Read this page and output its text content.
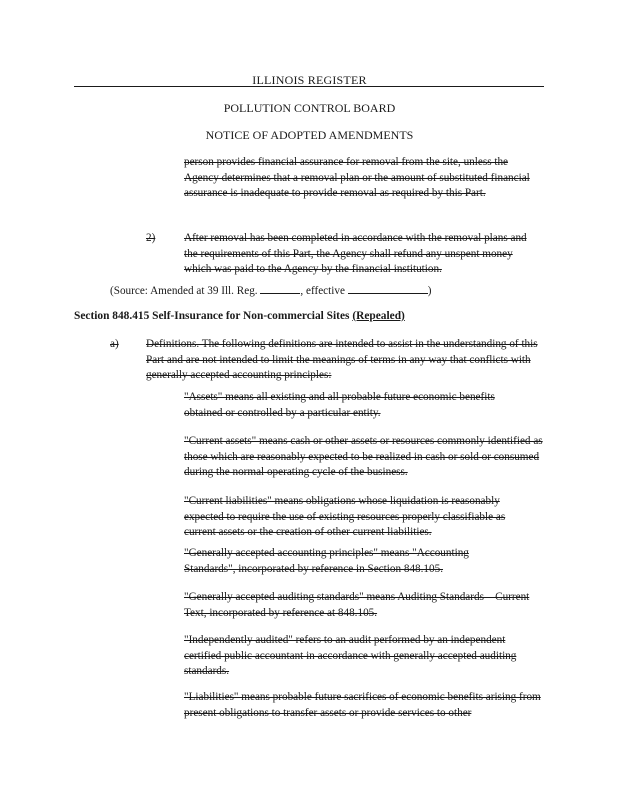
ILLINOIS REGISTER
POLLUTION CONTROL BOARD
NOTICE OF ADOPTED AMENDMENTS
person provides financial assurance for removal from the site, unless the Agency determines that a removal plan or the amount of substituted financial assurance is inadequate to provide removal as required by this Part.
2)	After removal has been completed in accordance with the removal plans and the requirements of this Part, the Agency shall refund any unspent money which was paid to the Agency by the financial institution.
(Source: Amended at 39 Ill. Reg.	, effective	)
Section 848.415 Self-Insurance for Non-commercial Sites (Repealed)
a) Definitions. The following definitions are intended to assist in the understanding of this Part and are not intended to limit the meanings of terms in any way that conflicts with generally accepted accounting principles:
"Assets" means all existing and all probable future economic benefits obtained or controlled by a particular entity.
"Current assets" means cash or other assets or resources commonly identified as those which are reasonably expected to be realized in cash or sold or consumed during the normal operating cycle of the business.
"Current liabilities" means obligations whose liquidation is reasonably expected to require the use of existing resources properly classifiable as current assets or the creation of other current liabilities.
"Generally accepted accounting principles" means "Accounting Standards", incorporated by reference in Section 848.105.
"Generally accepted auditing standards" means Auditing Standards – Current Text, incorporated by reference at 848.105.
"Independently audited" refers to an audit performed by an independent certified public accountant in accordance with generally accepted auditing standards.
"Liabilities" means probable future sacrifices of economic benefits arising from present obligations to transfer assets or provide services to other
